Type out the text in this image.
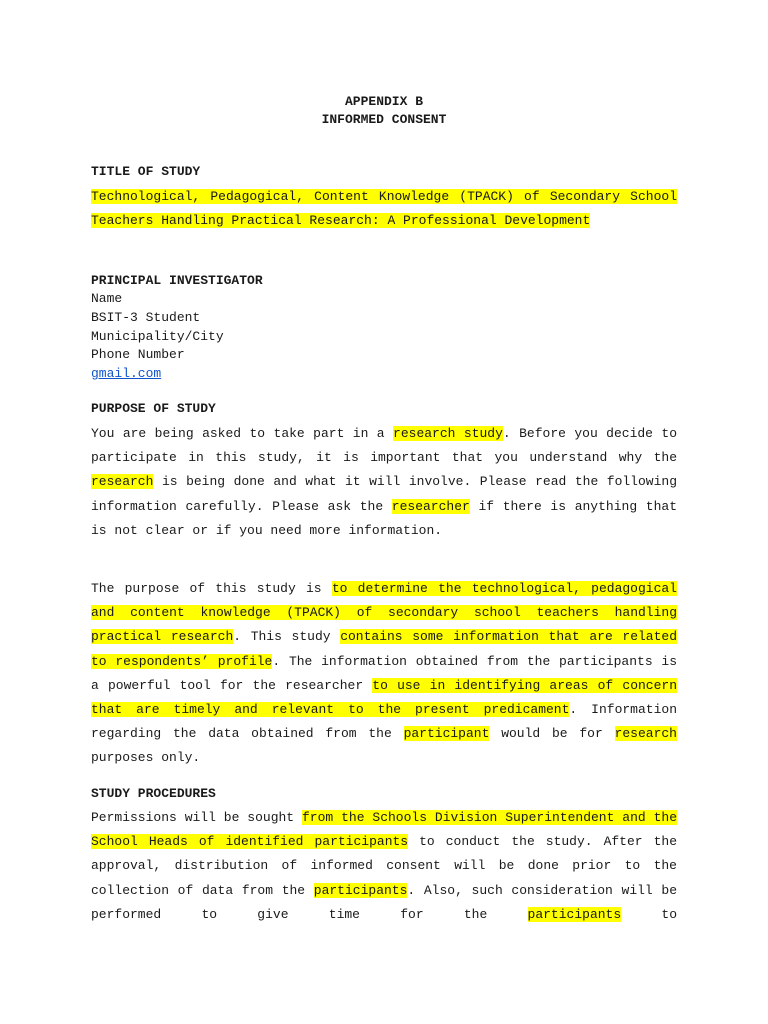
APPENDIX B
INFORMED CONSENT
TITLE OF STUDY
Technological, Pedagogical, Content Knowledge (TPACK) of Secondary School Teachers Handling Practical Research: A Professional Development
PRINCIPAL INVESTIGATOR
Name
BSIT-3 Student
Municipality/City
Phone Number
gmail.com
PURPOSE OF STUDY
You are being asked to take part in a research study. Before you decide to participate in this study, it is important that you understand why the research is being done and what it will involve. Please read the following information carefully. Please ask the researcher if there is anything that is not clear or if you need more information.
The purpose of this study is to determine the technological, pedagogical and content knowledge (TPACK) of secondary school teachers handling practical research. This study contains some information that are related to respondents’ profile. The information obtained from the participants is a powerful tool for the researcher to use in identifying areas of concern that are timely and relevant to the present predicament. Information regarding the data obtained from the participant would be for research purposes only.
STUDY PROCEDURES
Permissions will be sought from the Schools Division Superintendent and the School Heads of identified participants to conduct the study. After the approval, distribution of informed consent will be done prior to the collection of data from the participants. Also, such consideration will be performed to give time for the participants to
